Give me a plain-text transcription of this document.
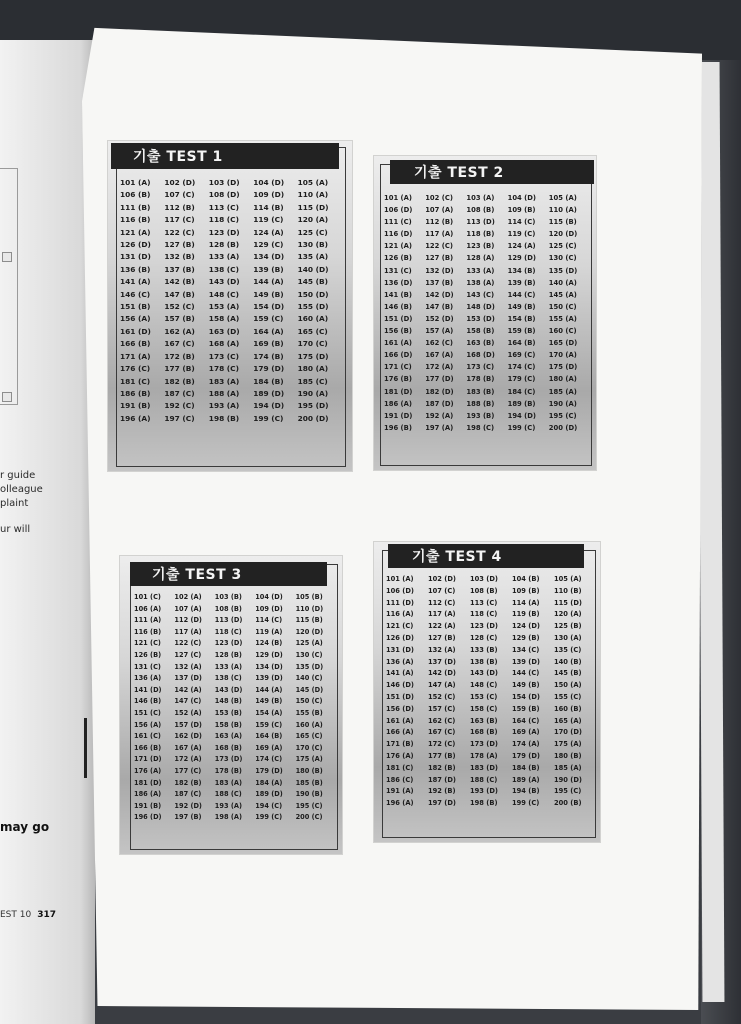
r guide
olleague
plaint
ur will
may go
EST 10 317
기출 TEST 1
101 (A)	102 (D)	103 (D)	104 (D)	105 (A)
106 (B)	107 (C)	108 (D)	109 (D)	110 (A)
111 (B)	112 (B)	113 (C)	114 (B)	115 (D)
116 (B)	117 (C)	118 (C)	119 (C)	120 (A)
121 (A)	122 (C)	123 (D)	124 (A)	125 (C)
126 (D)	127 (B)	128 (B)	129 (C)	130 (B)
131 (D)	132 (B)	133 (A)	134 (D)	135 (A)
136 (B)	137 (B)	138 (C)	139 (B)	140 (D)
141 (A)	142 (B)	143 (D)	144 (A)	145 (B)
146 (C)	147 (B)	148 (C)	149 (B)	150 (D)
151 (B)	152 (C)	153 (A)	154 (D)	155 (D)
156 (A)	157 (B)	158 (A)	159 (C)	160 (A)
161 (D)	162 (A)	163 (D)	164 (A)	165 (C)
166 (B)	167 (C)	168 (A)	169 (B)	170 (C)
171 (A)	172 (B)	173 (C)	174 (B)	175 (D)
176 (C)	177 (B)	178 (C)	179 (D)	180 (A)
181 (C)	182 (B)	183 (A)	184 (B)	185 (C)
186 (B)	187 (C)	188 (A)	189 (D)	190 (A)
191 (B)	192 (C)	193 (A)	194 (D)	195 (D)
196 (A)	197 (C)	198 (B)	199 (C)	200 (D)
기출 TEST 2
101 (A)	102 (C)	103 (A)	104 (D)	105 (A)
106 (D)	107 (A)	108 (B)	109 (B)	110 (A)
111 (C)	112 (B)	113 (D)	114 (C)	115 (B)
116 (D)	117 (A)	118 (B)	119 (C)	120 (D)
121 (A)	122 (C)	123 (B)	124 (A)	125 (C)
126 (B)	127 (B)	128 (A)	129 (D)	130 (C)
131 (C)	132 (D)	133 (A)	134 (B)	135 (D)
136 (D)	137 (B)	138 (A)	139 (B)	140 (A)
141 (B)	142 (D)	143 (C)	144 (C)	145 (A)
146 (B)	147 (B)	148 (D)	149 (B)	150 (C)
151 (D)	152 (D)	153 (D)	154 (B)	155 (A)
156 (B)	157 (A)	158 (B)	159 (B)	160 (C)
161 (A)	162 (C)	163 (B)	164 (B)	165 (D)
166 (D)	167 (A)	168 (D)	169 (C)	170 (A)
171 (C)	172 (A)	173 (C)	174 (C)	175 (D)
176 (B)	177 (D)	178 (B)	179 (C)	180 (A)
181 (D)	182 (D)	183 (B)	184 (C)	185 (A)
186 (A)	187 (D)	188 (B)	189 (B)	190 (A)
191 (D)	192 (A)	193 (B)	194 (D)	195 (C)
196 (B)	197 (A)	198 (C)	199 (C)	200 (D)
기출 TEST 3
101 (C)	102 (A)	103 (B)	104 (D)	105 (B)
106 (A)	107 (A)	108 (B)	109 (D)	110 (D)
111 (A)	112 (D)	113 (D)	114 (C)	115 (B)
116 (B)	117 (A)	118 (C)	119 (A)	120 (D)
121 (C)	122 (C)	123 (D)	124 (B)	125 (A)
126 (B)	127 (C)	128 (B)	129 (D)	130 (C)
131 (C)	132 (A)	133 (A)	134 (D)	135 (D)
136 (A)	137 (D)	138 (C)	139 (D)	140 (C)
141 (D)	142 (A)	143 (D)	144 (A)	145 (D)
146 (B)	147 (C)	148 (B)	149 (B)	150 (C)
151 (C)	152 (A)	153 (B)	154 (A)	155 (B)
156 (A)	157 (D)	158 (B)	159 (C)	160 (A)
161 (C)	162 (D)	163 (A)	164 (B)	165 (C)
166 (B)	167 (A)	168 (B)	169 (A)	170 (C)
171 (D)	172 (A)	173 (D)	174 (C)	175 (A)
176 (A)	177 (C)	178 (B)	179 (D)	180 (B)
181 (D)	182 (B)	183 (A)	184 (A)	185 (B)
186 (A)	187 (C)	188 (C)	189 (D)	190 (B)
191 (B)	192 (D)	193 (A)	194 (C)	195 (C)
196 (D)	197 (B)	198 (A)	199 (C)	200 (C)
기출 TEST 4
101 (A)	102 (D)	103 (D)	104 (B)	105 (A)
106 (D)	107 (C)	108 (B)	109 (B)	110 (B)
111 (D)	112 (C)	113 (C)	114 (A)	115 (D)
116 (A)	117 (A)	118 (C)	119 (B)	120 (A)
121 (C)	122 (A)	123 (D)	124 (D)	125 (B)
126 (D)	127 (B)	128 (C)	129 (B)	130 (A)
131 (D)	132 (A)	133 (B)	134 (C)	135 (C)
136 (A)	137 (D)	138 (B)	139 (D)	140 (B)
141 (A)	142 (D)	143 (D)	144 (C)	145 (B)
146 (D)	147 (A)	148 (C)	149 (B)	150 (A)
151 (D)	152 (C)	153 (C)	154 (D)	155 (C)
156 (D)	157 (C)	158 (C)	159 (B)	160 (B)
161 (A)	162 (C)	163 (B)	164 (C)	165 (A)
166 (A)	167 (C)	168 (B)	169 (A)	170 (D)
171 (B)	172 (C)	173 (D)	174 (A)	175 (A)
176 (A)	177 (B)	178 (A)	179 (D)	180 (B)
181 (C)	182 (B)	183 (D)	184 (B)	185 (A)
186 (C)	187 (D)	188 (C)	189 (A)	190 (D)
191 (A)	192 (B)	193 (D)	194 (B)	195 (C)
196 (A)	197 (D)	198 (B)	199 (C)	200 (B)
